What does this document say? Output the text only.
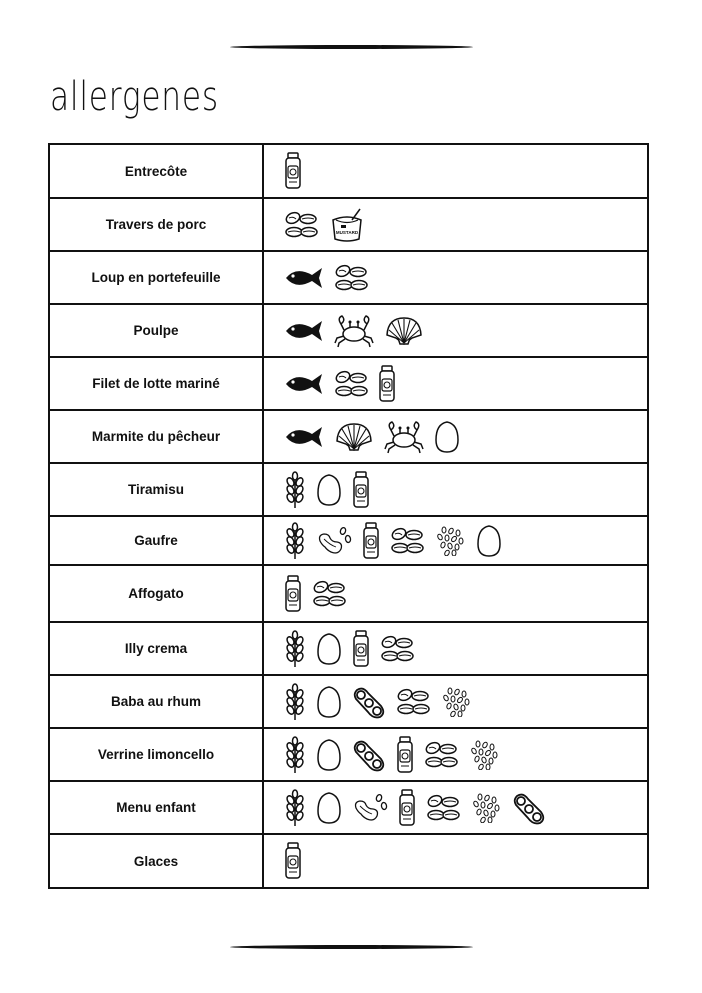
allergenes
Entrecôte	

Travers de porc	MUSTARD

Loup en portefeuille	

Poulpe	

Filet de lotte mariné	

Marmite du pêcheur	

Tiramisu	

Gaufre	

Affogato	

Illy crema	

Baba au rhum	

Verrine limoncello	

Menu enfant	

Glaces	
